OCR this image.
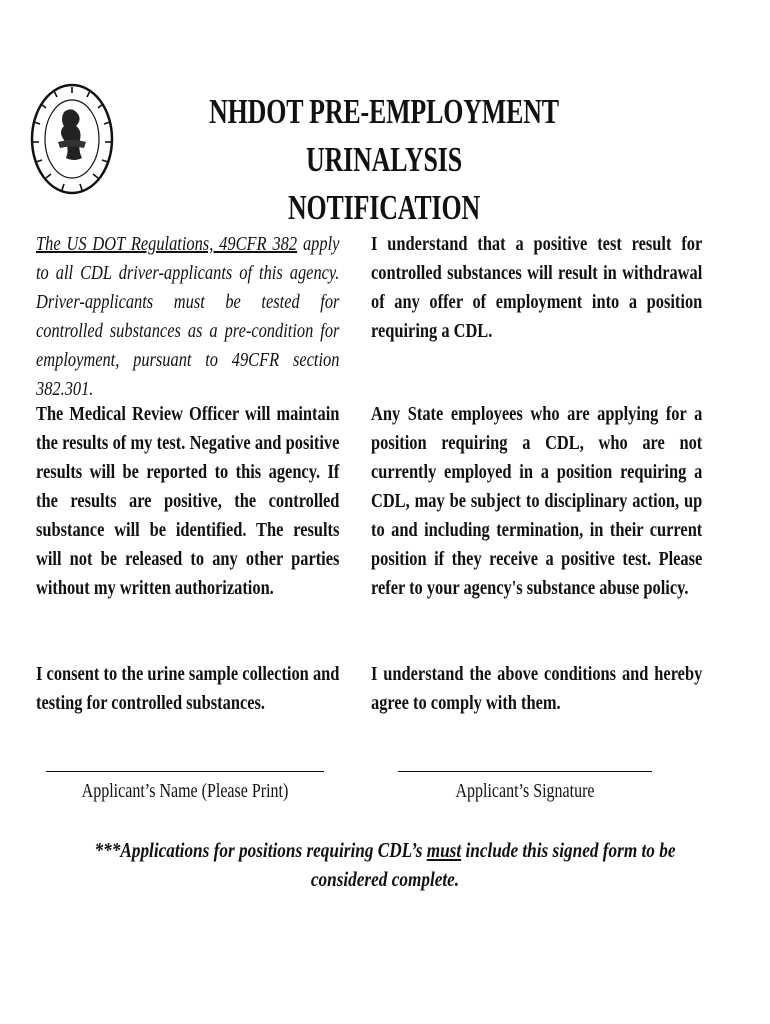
NHDOT PRE-EMPLOYMENT URINALYSIS
NOTIFICATION
The US DOT Regulations, 49CFR 382 apply to all CDL driver-applicants of this agency. Driver-applicants must be tested for controlled substances as a pre-condition for employment, pursuant to 49CFR section 382.301.
The Medical Review Officer will maintain the results of my test. Negative and positive results will be reported to this agency. If the results are positive, the controlled substance will be identified. The results will not be released to any other parties without my written authorization.
I consent to the urine sample collection and testing for controlled substances.
I understand that a positive test result for controlled substances will result in withdrawal of any offer of employment into a position requiring a CDL.
Any State employees who are applying for a position requiring a CDL, who are not currently employed in a position requiring a CDL, may be subject to disciplinary action, up to and including termination, in their current position if they receive a positive test. Please refer to your agency's substance abuse policy.
I understand the above conditions and hereby agree to comply with them.
Applicant’s Name (Please Print)	Applicant’s Signature
***Applications for positions requiring CDL’s must include this signed form to be considered complete.
